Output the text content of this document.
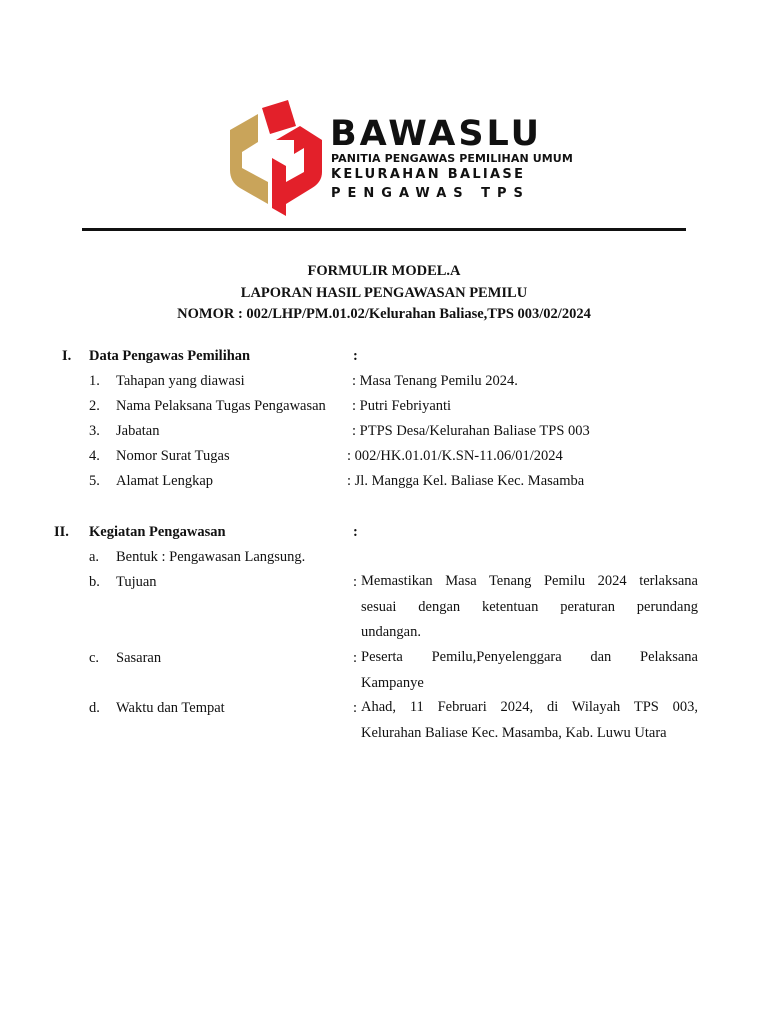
BAWASLU
PANITIA PENGAWAS PEMILIHAN UMUM
KELURAHAN BALIASE
PENGAWAS TPS
FORMULIR MODEL.A
LAPORAN HASIL PENGAWASAN PEMILU
NOMOR : 002/LHP/PM.01.02/Kelurahan Baliase,TPS 003/02/2024
I. Data Pengawas Pemilihan	:
1. Tahapan yang diawasi	: Masa Tenang Pemilu 2024.
2. Nama Pelaksana Tugas Pengawasan : Putri Febriyanti
3. Jabatan	: PTPS Desa/Kelurahan Baliase TPS 003
4. Nomor Surat Tugas	: 002/HK.01.01/K.SN-11.06/01/2024
5. Alamat Lengkap	: Jl. Mangga Kel. Baliase Kec. Masamba
II. Kegiatan Pengawasan	:
a. Bentuk : Pengawasan Langsung.
b. Tujuan	: Memastikan Masa Tenang Pemilu 2024 terlaksana
sesuai dengan ketentuan peraturan perundang
undangan.
c. Sasaran	: Peserta Pemilu,Penyelenggara dan Pelaksana
Kampanye
d. Waktu dan Tempat	: Ahad, 11 Februari 2024, di Wilayah TPS 003,
Kelurahan Baliase Kec. Masamba, Kab. Luwu Utara
